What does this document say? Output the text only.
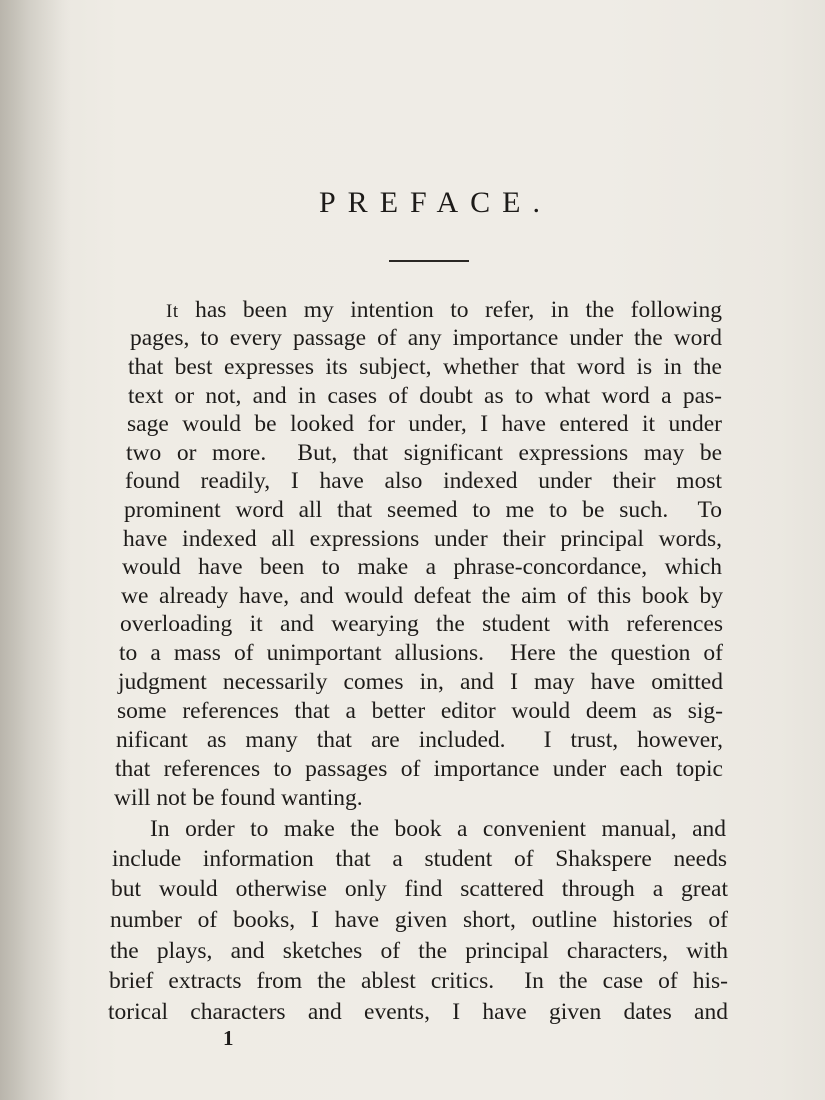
PREFACE.
It has been my intention to refer, in the following
pages, to every passage of any importance under the word
that best expresses its subject, whether that word is in the
text or not, and in cases of doubt as to what word a pas-
sage would be looked for under, I have entered it under
two or more.  But, that significant expressions may be
found readily, I have also indexed under their most
prominent word all that seemed to me to be such.  To
have indexed all expressions under their principal words,
would have been to make a phrase-concordance, which
we already have, and would defeat the aim of this book by
overloading it and wearying the student with references
to a mass of unimportant allusions.  Here the question of
judgment necessarily comes in, and I may have omitted
some references that a better editor would deem as sig-
nificant as many that are included.  I trust, however,
that references to passages of importance under each topic
will not be found wanting.
In order to make the book a convenient manual, and
include information that a student of Shakspere needs
but would otherwise only find scattered through a great
number of books, I have given short, outline histories of
the plays, and sketches of the principal characters, with
brief extracts from the ablest critics.  In the case of his-
torical characters and events, I have given dates and
1
